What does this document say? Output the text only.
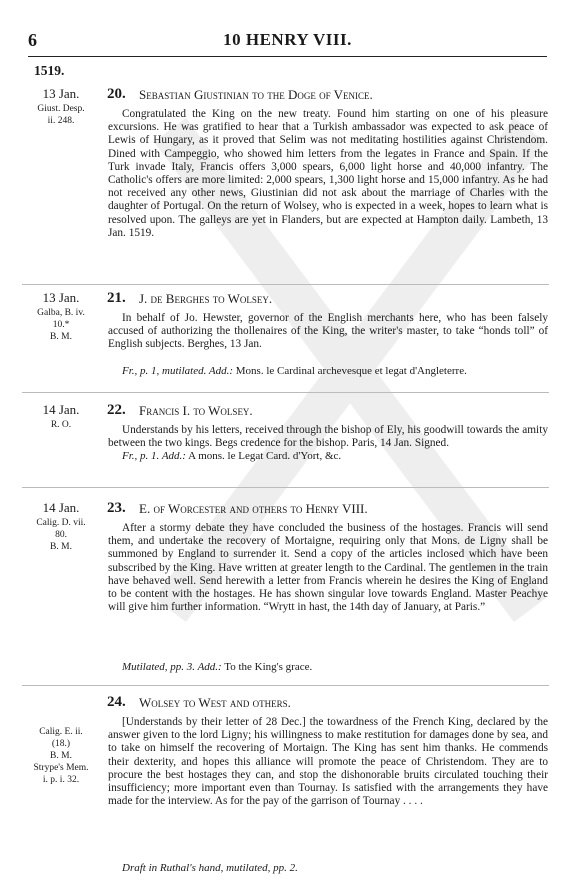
6	10 HENRY VIII.
1519.
13 Jan.
Giust. Desp.
ii. 248.
20. Sebastian Giustinian to the Doge of Venice.
Congratulated the King on the new treaty. Found him starting on one of his pleasure excursions. He was gratified to hear that a Turkish ambassador was expected to ask peace of Lewis of Hungary, as it proved that Selim was not meditating hostilities against Christendom. Dined with Campeggio, who showed him letters from the legates in France and Spain. If the Turk invade Italy, Francis offers 3,000 spears, 6,000 light horse and 40,000 infantry. The Catholic's offers are more limited: 2,000 spears, 1,300 light horse and 15,000 infantry. As he had not received any other news, Giustinian did not ask about the marriage of Charles with the daughter of Portugal. On the return of Wolsey, who is expected in a week, hopes to learn what is resolved upon. The galleys are yet in Flanders, but are expected at Hampton daily. Lambeth, 13 Jan. 1519.
13 Jan.
Galba, B. iv.
10.*
B. M.
21. J. de Berghes to Wolsey.
In behalf of Jo. Hewster, governor of the English merchants here, who has been falsely accused of authorizing the thollenaires of the King, the writer's master, to take “honds toll” of English subjects. Berghes, 13 Jan.
Fr., p. 1, mutilated. Add.: Mons. le Cardinal archevesque et legat d'Angleterre.
14 Jan.
R. O.
22. Francis I. to Wolsey.
Understands by his letters, received through the bishop of Ely, his goodwill towards the amity between the two kings. Begs credence for the bishop. Paris, 14 Jan. Signed.
Fr., p. 1. Add.: A mons. le Legat Card. d'Yort, &c.
14 Jan.
Calig. D. vii.
80.
B. M.
23. E. of Worcester and others to Henry VIII.
After a stormy debate they have concluded the business of the hostages. Francis will send them, and undertake the recovery of Mortaigne, requiring only that Mons. de Ligny shall be summoned by England to surrender it. Send a copy of the articles inclosed which have been subscribed by the King. Have written at greater length to the Cardinal. The gentlemen in the train have behaved well. Send herewith a letter from Francis wherein he desires the King of England to be content with the hostages. He has shown singular love towards England. Master Peachye will give him further information. “Wrytt in hast, the 14th day of January, at Paris.”
Mutilated, pp. 3. Add.: To the King's grace.
Calig. E. ii.
(18.)
B. M.
Strype's Mem.
i. p. i. 32.
24. Wolsey to West and others.
[Understands by their letter of 28 Dec.] the towardness of the French King, declared by the answer given to the lord Ligny; his willingness to make restitution for damages done by sea, and to take on himself the recovering of Mortaign. The King has sent him thanks. He commends their dexterity, and hopes this alliance will promote the peace of Christendom. They are to procure the best hostages they can, and stop the dishonorable bruits circulated touching their insufficiency; more important even than Tournay. Is satisfied with the arrangements they have made for the interview. As for the pay of the garrison of Tournay . . . .
Draft in Ruthal's hand, mutilated, pp. 2.
